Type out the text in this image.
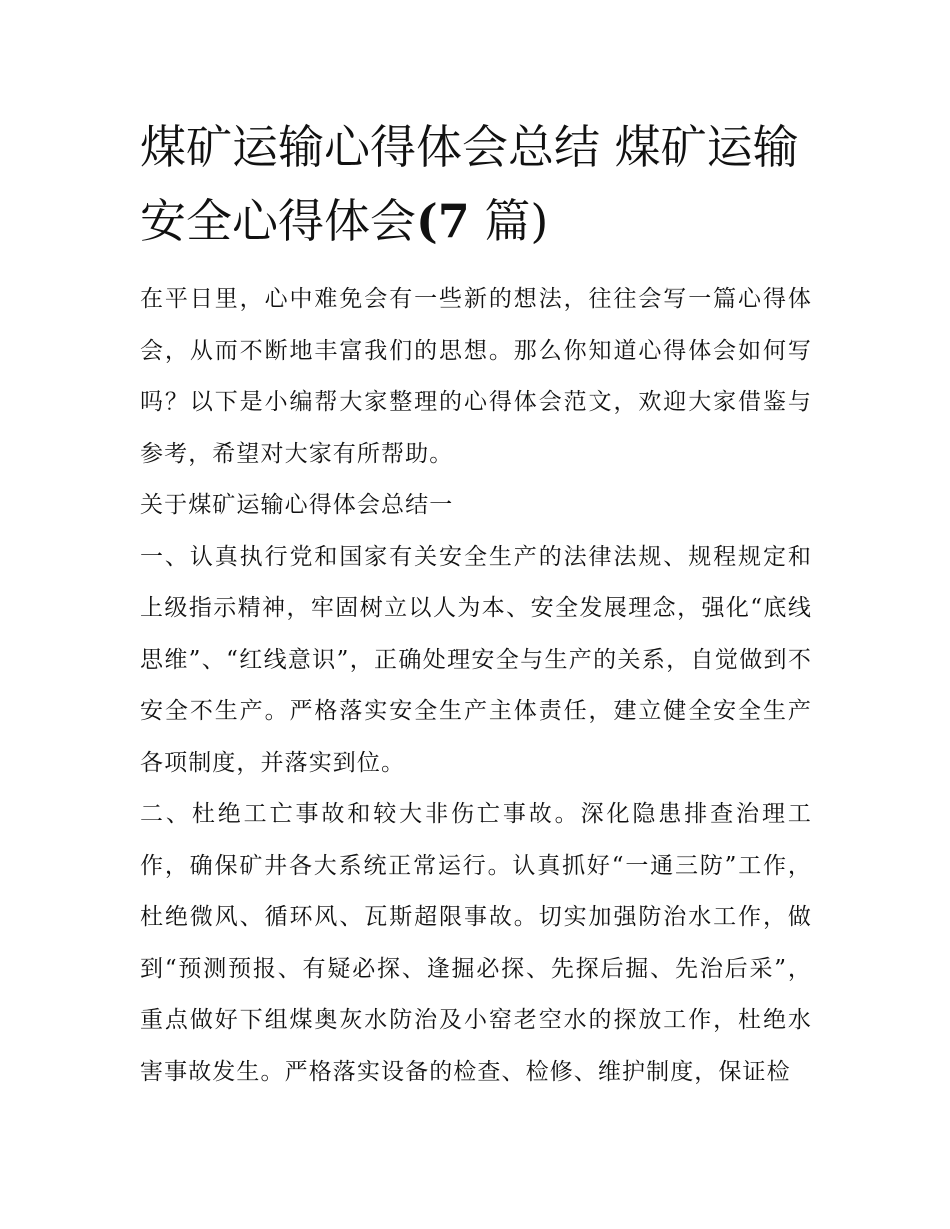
煤矿运输心得体会总结 煤矿运输安全心得体会(7 篇)

在平日里，心中难免会有一些新的想法，往往会写一篇心得体会，从而不断地丰富我们的思想。那么你知道心得体会如何写吗？以下是小编帮大家整理的心得体会范文，欢迎大家借鉴与参考，希望对大家有所帮助。

关于煤矿运输心得体会总结一

一、认真执行党和国家有关安全生产的法律法规、规程规定和上级指示精神，牢固树立以人为本、安全发展理念，强化“底线思维”、“红线意识”，正确处理安全与生产的关系，自觉做到不安全不生产。严格落实安全生产主体责任，建立健全安全生产各项制度，并落实到位。

二、杜绝工亡事故和较大非伤亡事故。深化隐患排查治理工作，确保矿井各大系统正常运行。认真抓好“一通三防”工作，杜绝微风、循环风、瓦斯超限事故。切实加强防治水工作，做到“预测预报、有疑必探、逢掘必探、先探后掘、先治后采”，重点做好下组煤奥灰水防治及小窑老空水的探放工作，杜绝水害事故发生。严格落实设备的检查、检修、维护制度，保证检
